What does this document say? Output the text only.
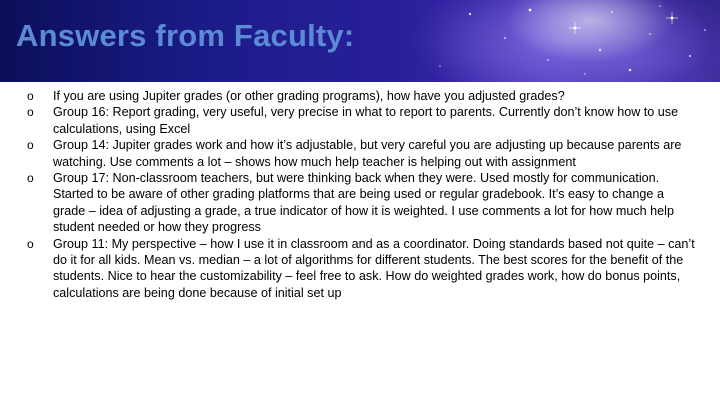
Answers from Faculty:
o	If you are using Jupiter grades (or other grading programs), how have you adjusted grades?
o	Group 16: Report grading, very useful, very precise in what to report to parents. Currently don’t know how to use calculations, using Excel
o	Group 14: Jupiter grades work and how it’s adjustable, but very careful you are adjusting up because parents are watching. Use comments a lot – shows how much help teacher is helping out with assignment
o	Group 17: Non-classroom teachers, but were thinking back when they were. Used mostly for communication. Started to be aware of other grading platforms that are being used or regular gradebook. It’s easy to change a grade – idea of adjusting a grade, a true indicator of how it is weighted. I use comments a lot for how much help student needed or how they progress
o	Group 11: My perspective – how I use it in classroom and as a coordinator. Doing standards based not quite – can’t do it for all kids. Mean vs. median – a lot of algorithms for different students. The best scores for the benefit of the students. Nice to hear the customizability – feel free to ask. How do weighted grades work, how do bonus points, calculations are being done because of initial set up
